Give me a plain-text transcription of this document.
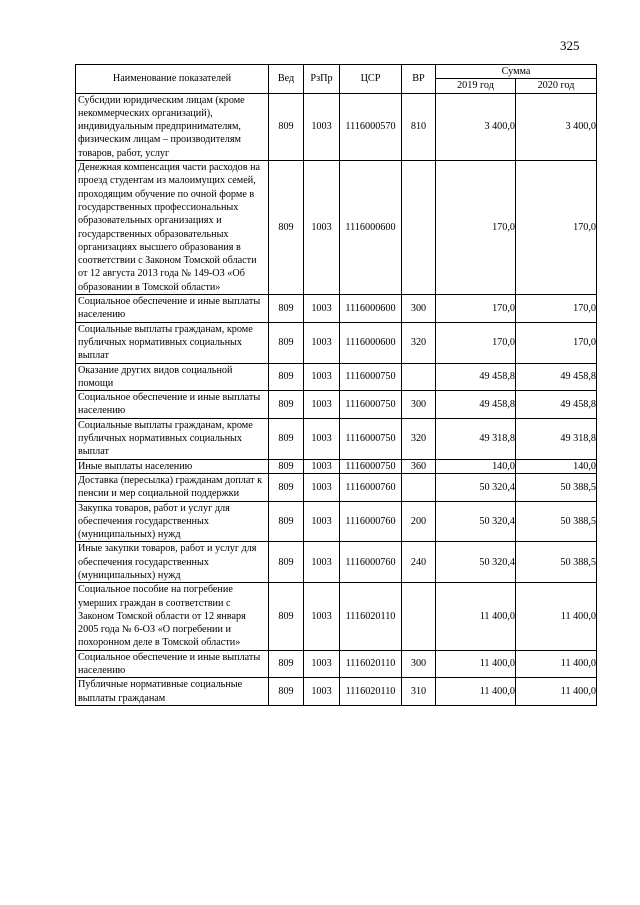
325
Наименование показателей	Вед	РзПр	ЦСР	ВР	Сумма	
					2019 год	2020 год
Субсидии юридическим лицам (кроме некоммерческих организаций), индивидуальным предпринимателям, физическим лицам – производителям товаров, работ, услуг	809	1003	1116000570	810	3 400,0	3 400,0
Денежная компенсация части расходов на проезд студентам из малоимущих семей, проходящим обучение по очной форме в государственных профессиональных образовательных организациях и государственных образовательных организациях высшего образования в соответствии с Законом Томской области от 12 августа 2013 года № 149-ОЗ «Об образовании в Томской области»	809	1003	1116000600		170,0	170,0
Социальное обеспечение и иные выплаты населению	809	1003	1116000600	300	170,0	170,0
Социальные выплаты гражданам, кроме публичных нормативных социальных выплат	809	1003	1116000600	320	170,0	170,0
Оказание других видов социальной помощи	809	1003	1116000750		49 458,8	49 458,8
Социальное обеспечение и иные выплаты населению	809	1003	1116000750	300	49 458,8	49 458,8
Социальные выплаты гражданам, кроме публичных нормативных социальных выплат	809	1003	1116000750	320	49 318,8	49 318,8
Иные выплаты населению	809	1003	1116000750	360	140,0	140,0
Доставка (пересылка) гражданам доплат к пенсии и мер социальной поддержки	809	1003	1116000760		50 320,4	50 388,5
Закупка товаров, работ и услуг для обеспечения государственных (муниципальных) нужд	809	1003	1116000760	200	50 320,4	50 388,5
Иные закупки товаров, работ и услуг для обеспечения государственных (муниципальных) нужд	809	1003	1116000760	240	50 320,4	50 388,5
Социальное пособие на погребение умерших граждан в соответствии с Законом Томской области от 12 января 2005 года № 6-ОЗ «О погребении и похоронном деле в Томской области»	809	1003	1116020110		11 400,0	11 400,0
Социальное обеспечение и иные выплаты населению	809	1003	1116020110	300	11 400,0	11 400,0
Публичные нормативные социальные выплаты гражданам	809	1003	1116020110	310	11 400,0	11 400,0
